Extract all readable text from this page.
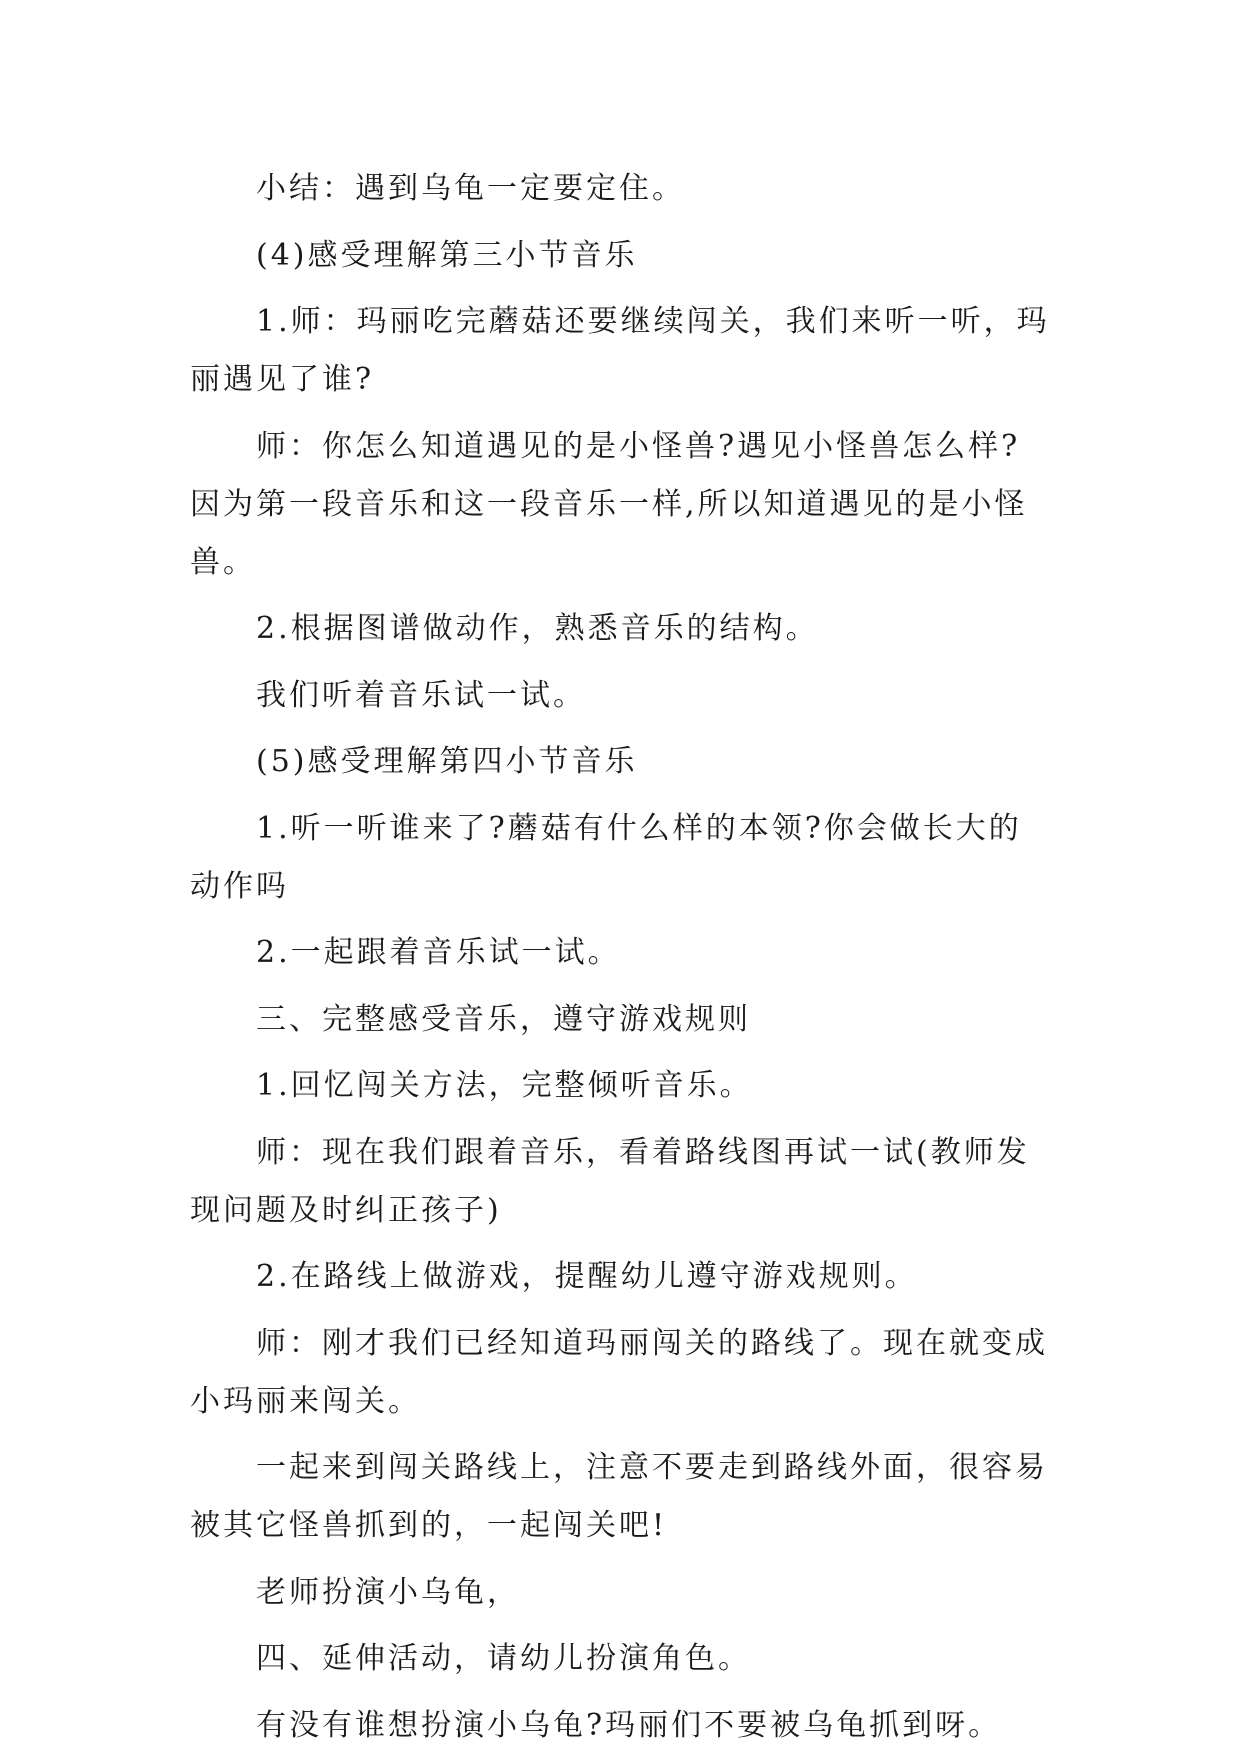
小结：遇到乌龟一定要定住。

(4)感受理解第三小节音乐

1.师：玛丽吃完蘑菇还要继续闯关，我们来听一听，玛丽遇见了谁?

师：你怎么知道遇见的是小怪兽?遇见小怪兽怎么样?因为第一段音乐和这一段音乐一样,所以知道遇见的是小怪兽。

2.根据图谱做动作，熟悉音乐的结构。

我们听着音乐试一试。

(5)感受理解第四小节音乐

1.听一听谁来了?蘑菇有什么样的本领?你会做长大的动作吗

2.一起跟着音乐试一试。

三、完整感受音乐，遵守游戏规则

1.回忆闯关方法，完整倾听音乐。

师：现在我们跟着音乐，看着路线图再试一试(教师发现问题及时纠正孩子)

2.在路线上做游戏，提醒幼儿遵守游戏规则。

师：刚才我们已经知道玛丽闯关的路线了。现在就变成小玛丽来闯关。

一起来到闯关路线上，注意不要走到路线外面，很容易被其它怪兽抓到的，一起闯关吧!

老师扮演小乌龟，

四、延伸活动，请幼儿扮演角色。

有没有谁想扮演小乌龟?玛丽们不要被乌龟抓到呀。
